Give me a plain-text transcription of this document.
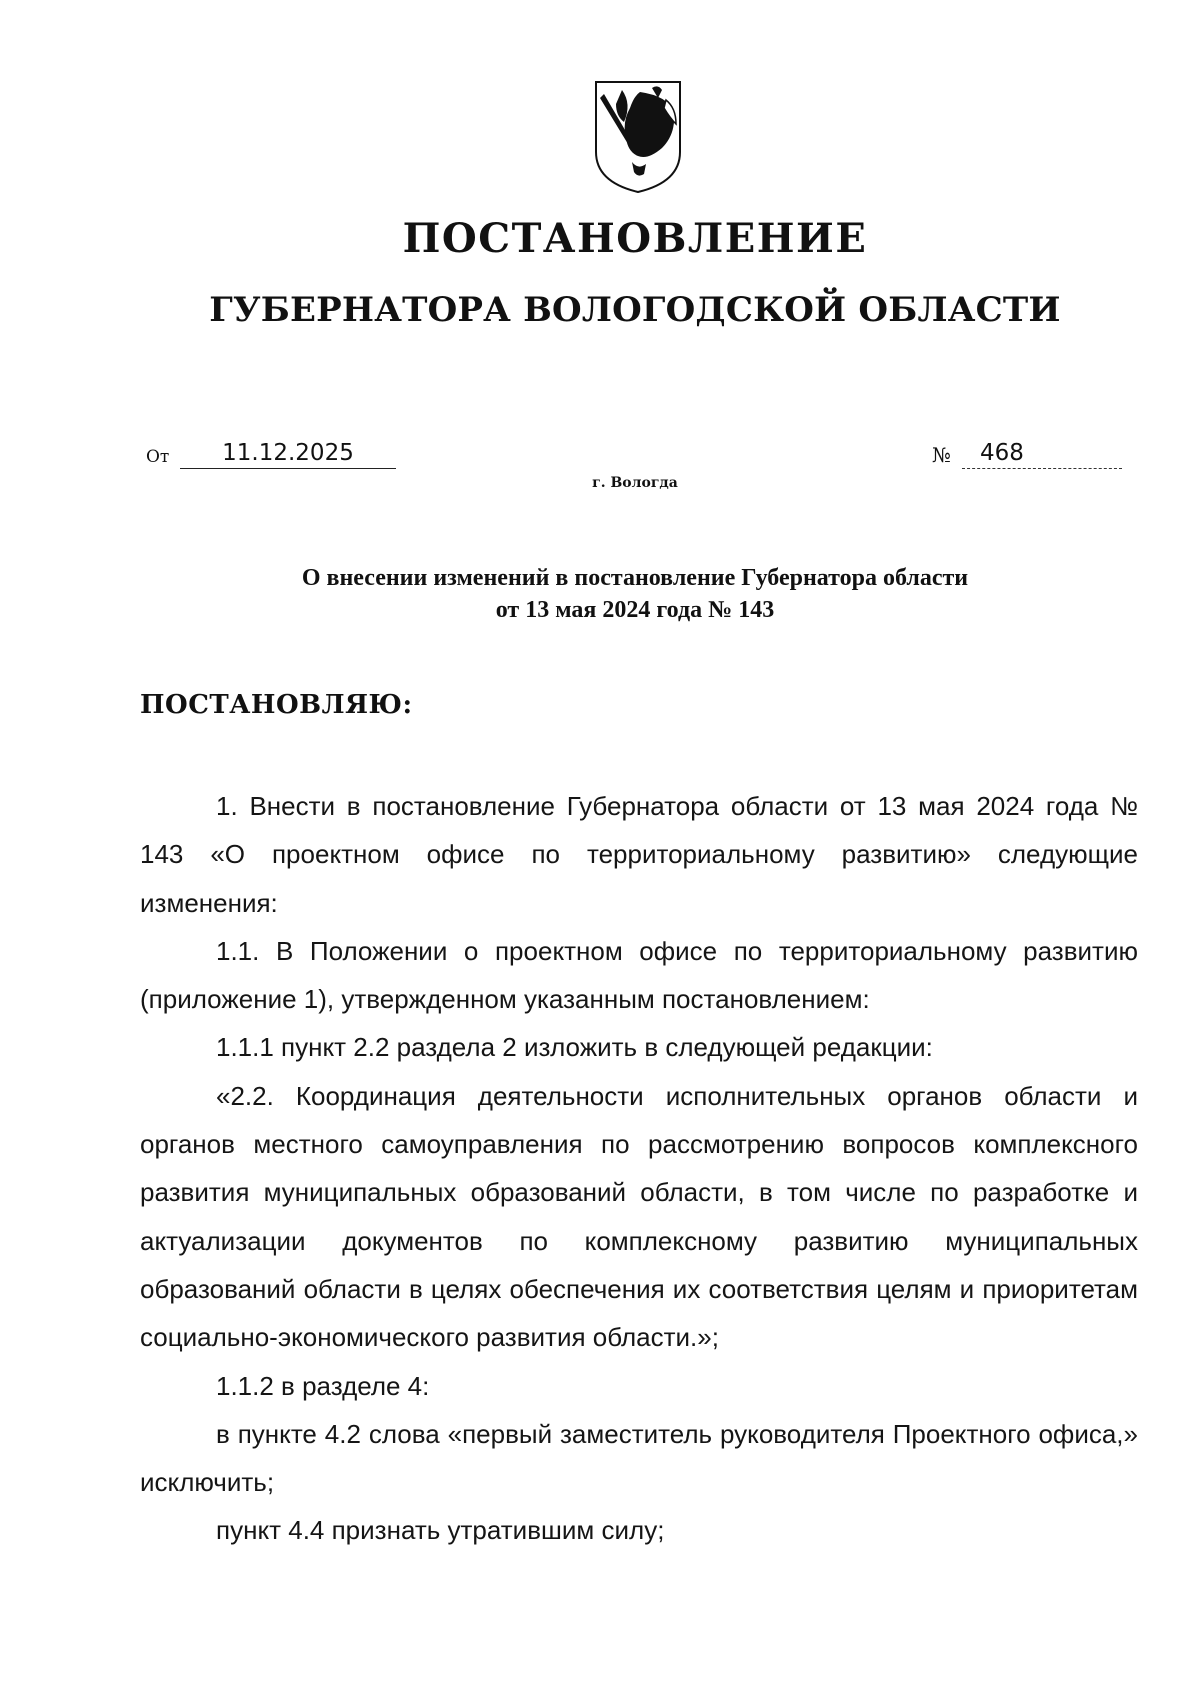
ПОСТАНОВЛЕНИЕ
ГУБЕРНАТОРА ВОЛОГОДСКОЙ ОБЛАСТИ
От	11.12.2025	№	468
г. Вологда
О внесении изменений в постановление Губернатора области
от 13 мая 2024 года № 143
ПОСТАНОВЛЯЮ:

1. Внести в постановление Губернатора области от 13 мая 2024 года № 143 «О проектном офисе по территориальному развитию» следующие изменения:

1.1. В Положении о проектном офисе по территориальному развитию (приложение 1), утвержденном указанным постановлением:

1.1.1 пункт 2.2 раздела 2 изложить в следующей редакции:

«2.2. Координация деятельности исполнительных органов области и органов местного самоуправления по рассмотрению вопросов комплексного развития муниципальных образований области, в том числе по разработке и актуализации документов по комплексному развитию муниципальных образований области в целях обеспечения их соответствия целям и приоритетам социально-экономического развития области.»;

1.1.2 в разделе 4:

в пункте 4.2 слова «первый заместитель руководителя Проектного офиса,» исключить;

пункт 4.4 признать утратившим силу;
